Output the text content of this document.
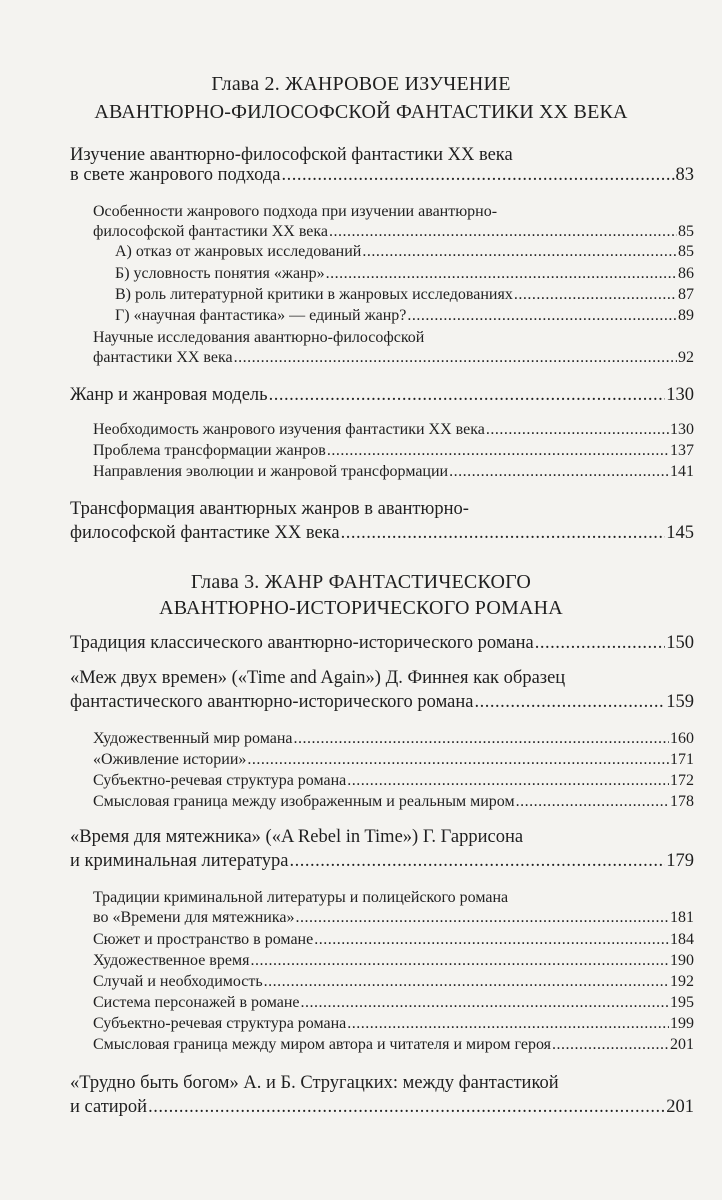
Глава 2. ЖАНРОВОЕ ИЗУЧЕНИЕ
АВАНТЮРНО-ФИЛОСОФСКОЙ ФАНТАСТИКИ XX ВЕКА
Изучение авантюрно-философской фантастики XX века
в свете жанрового подхода .....	83
Особенности жанрового подхода при изучении авантюрно-
философской фантастики XX века .....	85
А) отказ от жанровых исследований .....	85
Б) условность понятия «жанр» .....	86
В) роль литературной критики в жанровых исследованиях .....	87
Г) «научная фантастика» — единый жанр? .....	89
Научные исследования авантюрно-философской
фантастики XX века .....	92
Жанр и жанровая модель .....	130
Необходимость жанрового изучения фантастики XX века .....	130
Проблема трансформации жанров .....	137
Направления эволюции и жанровой трансформации .....	141
Трансформация авантюрных жанров в авантюрно-
философской фантастике XX века .....	145
Глава 3. ЖАНР ФАНТАСТИЧЕСКОГО
АВАНТЮРНО-ИСТОРИЧЕСКОГО РОМАНА
Традиция классического авантюрно-исторического романа .....	150
«Меж двух времен» («Time and Again») Д. Финнея как образец
фантастического авантюрно-исторического романа .....	159
Художественный мир романа .....	160
«Оживление истории» .....	171
Субъектно-речевая структура романа .....	172
Смысловая граница между изображенным и реальным миром .....	178
«Время для мятежника» («A Rebel in Time») Г. Гаррисона
и криминальная литература .....	179
Традиции криминальной литературы и полицейского романа
во «Времени для мятежника» .....	181
Сюжет и пространство в романе .....	184
Художественное время .....	190
Случай и необходимость .....	192
Система персонажей в романе .....	195
Субъектно-речевая структура романа .....	199
Смысловая граница между миром автора и читателя и миром героя .....	201
«Трудно быть богом» А. и Б. Стругацких: между фантастикой
и сатирой .....	201
